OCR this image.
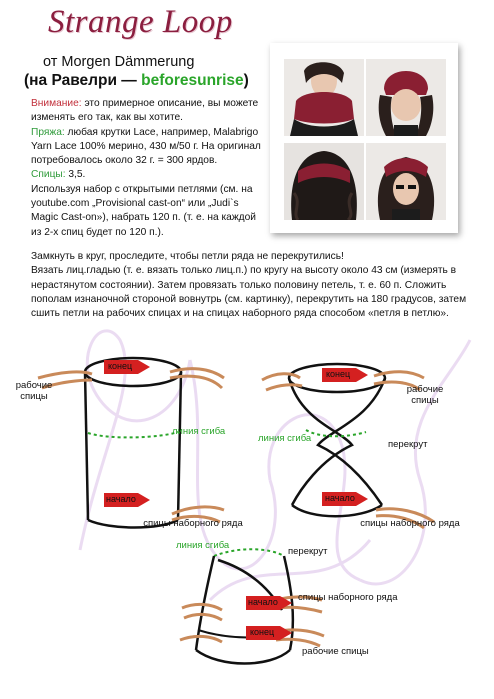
Strange Loop
от Morgen Dämmerung
(на Равелри — beforesunrise)
Внимание: это примерное описание, вы можете изменять его так, как вы хотите.
Пряжа: любая крутки Lace, например, Malabrigo Yarn Lace 100% мерино, 430 м/50 г. На оригинал потребовалось около 32 г. = 300 ярдов.
Спицы: 3,5.
Используя набор с открытыми петлями (см. на youtube.com „Provisional cast-on“ или „Judi`s Magic Cast-on»), набрать 120 п. (т. е. на каждой из 2-х спиц будет по 120 п.).
Замкнуть в круг, проследите, чтобы петли ряда не перекрутились!
Вязать лиц.гладью (т. е. вязать только лиц.п.) по кругу на высоту около 43 см (измерять в нерастянутом состоянии). Затем провязать только половину петель, т. е. 60 п. Сложить пополам изнаночной стороной вовнутрь (см. картинку), перекрутить на 180 градусов, затем сшить петли на рабочих спицах и на спицах наборного ряда способом «петля в петлю».
конец
начало
конец
начало
начало
конец
рабочие спицы
линия сгиба
спицы наборного ряда
рабочие спицы
линия сгиба
перекрут
спицы наборного ряда
линия сгиба
перекрут
спицы наборного ряда
рабочие спицы
